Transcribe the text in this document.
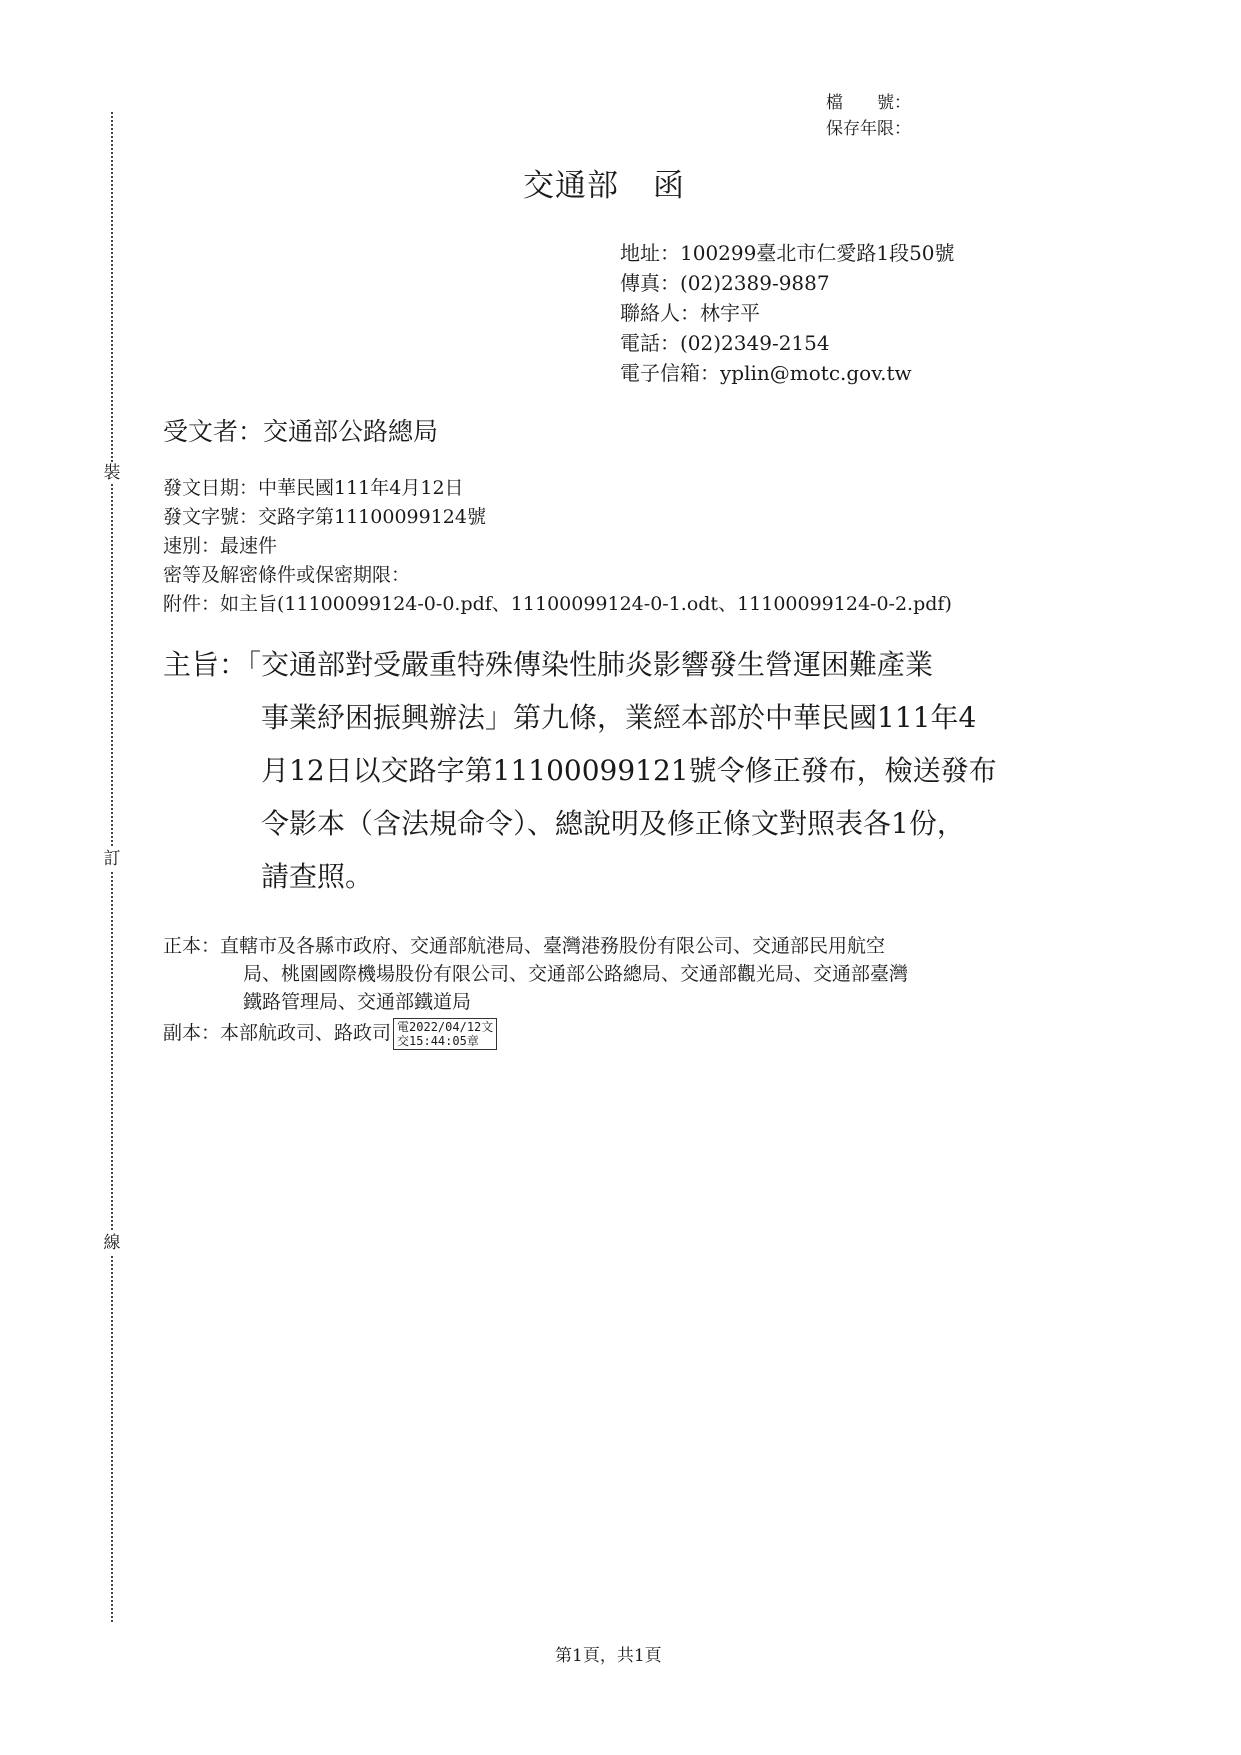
裝
訂
線
檔　　號：
保存年限：
交通部 函
地址：100299臺北市仁愛路1段50號
傳真：(02)2389-9887
聯絡人：林宇平
電話：(02)2349-2154
電子信箱：yplin@motc.gov.tw
受文者：交通部公路總局
發文日期：中華民國111年4月12日
發文字號：交路字第11100099124號
速別：最速件
密等及解密條件或保密期限：
附件：如主旨(11100099124-0-0.pdf、11100099124-0-1.odt、11100099124-0-2.pdf)
主旨：「交通部對受嚴重特殊傳染性肺炎影響發生營運困難產業
事業紓困振興辦法」第九條，業經本部於中華民國111年4
月12日以交路字第11100099121號令修正發布，檢送發布
令影本（含法規命令）、總說明及修正條文對照表各1份，
請查照。
正本：直轄市及各縣市政府、交通部航港局、臺灣港務股份有限公司、交通部民用航空
局、桃園國際機場股份有限公司、交通部公路總局、交通部觀光局、交通部臺灣
鐵路管理局、交通部鐵道局
副本：本部航政司、路政司 電2022/04/12文
交15:44:05章
第1頁，共1頁
